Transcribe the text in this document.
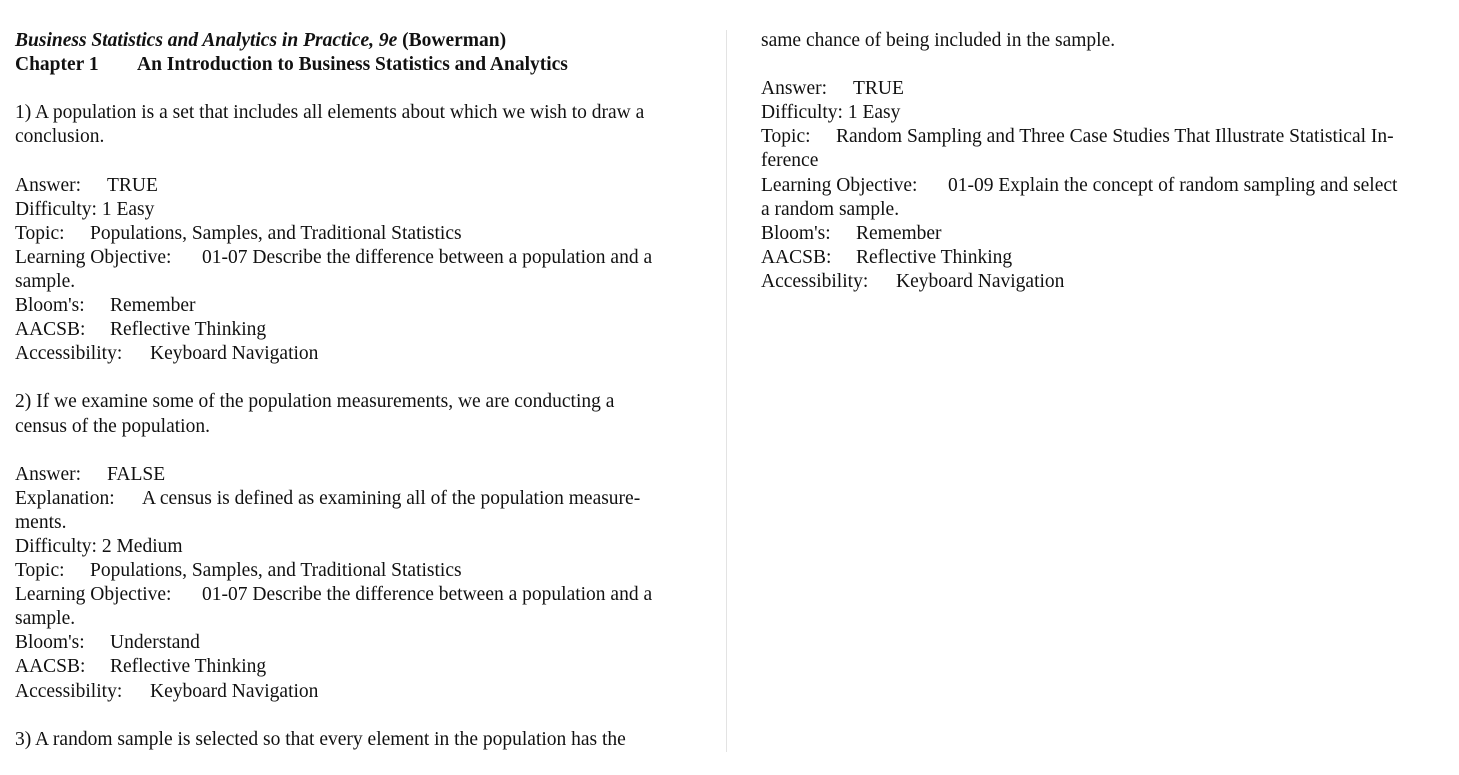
Business Statistics and Analytics in Practice, 9e (Bowerman)
Chapter 1 An Introduction to Business Statistics and Analytics
1) A population is a set that includes all elements about which we wish to draw a
conclusion.
Answer: TRUE
Difficulty: 1 Easy
Topic: Populations, Samples, and Traditional Statistics
Learning Objective: 01-07 Describe the difference between a population and a
sample.
Bloom's: Remember
AACSB: Reflective Thinking
Accessibility: Keyboard Navigation
2) If we examine some of the population measurements, we are conducting a
census of the population.
Answer: FALSE
Explanation: A census is defined as examining all of the population measure-
ments.
Difficulty: 2 Medium
Topic: Populations, Samples, and Traditional Statistics
Learning Objective: 01-07 Describe the difference between a population and a
sample.
Bloom's: Understand
AACSB: Reflective Thinking
Accessibility: Keyboard Navigation
3) A random sample is selected so that every element in the population has the
same chance of being included in the sample.
Answer: TRUE
Difficulty: 1 Easy
Topic: Random Sampling and Three Case Studies That Illustrate Statistical In-
ference
Learning Objective: 01-09 Explain the concept of random sampling and select
a random sample.
Bloom's: Remember
AACSB: Reflective Thinking
Accessibility: Keyboard Navigation
